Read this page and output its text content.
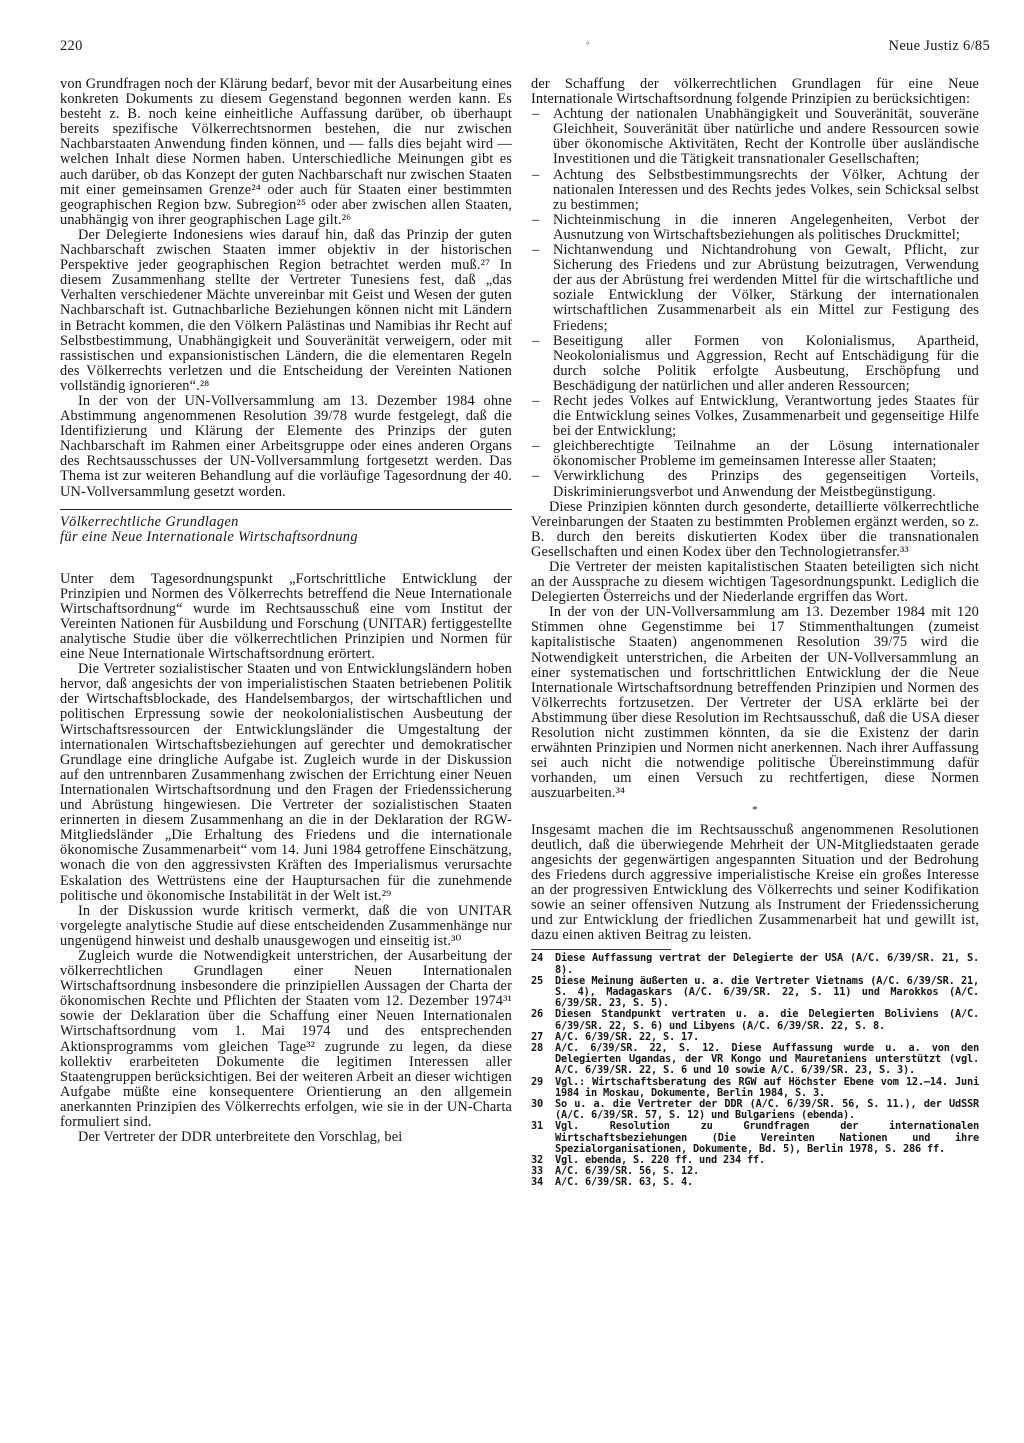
220	°	Neue Justiz 6/85

von Grundfragen noch der Klärung bedarf, bevor mit der Ausarbeitung eines konkreten Dokuments zu diesem Gegenstand begonnen werden kann. Es besteht z. B. noch keine einheitliche Auffassung darüber, ob überhaupt bereits spezifische Völkerrechtsnormen bestehen, die nur zwischen Nachbarstaaten Anwendung finden können, und — falls dies bejaht wird — welchen Inhalt diese Normen haben. Unterschiedliche Meinungen gibt es auch darüber, ob das Konzept der guten Nachbarschaft nur zwischen Staaten mit einer gemeinsamen Grenze²⁴ oder auch für Staaten einer bestimmten geographischen Region bzw. Subregion²⁵ oder aber zwischen allen Staaten, unabhängig von ihrer geographischen Lage gilt.²⁶

Der Delegierte Indonesiens wies darauf hin, daß das Prinzip der guten Nachbarschaft zwischen Staaten immer objektiv in der historischen Perspektive jeder geographischen Region betrachtet werden muß.²⁷ In diesem Zusammenhang stellte der Vertreter Tunesiens fest, daß „das Verhalten verschiedener Mächte unvereinbar mit Geist und Wesen der guten Nachbarschaft ist. Gutnachbarliche Beziehungen können nicht mit Ländern in Betracht kommen, die den Völkern Palästinas und Namibias ihr Recht auf Selbstbestimmung, Unabhängigkeit und Souveränität verweigern, oder mit rassistischen und expansionistischen Ländern, die die elementaren Regeln des Völkerrechts verletzen und die Entscheidung der Vereinten Nationen vollständig ignorieren“.²⁸

In der von der UN-Vollversammlung am 13. Dezember 1984 ohne Abstimmung angenommenen Resolution 39/78 wurde festgelegt, daß die Identifizierung und Klärung der Elemente des Prinzips der guten Nachbarschaft im Rahmen einer Arbeitsgruppe oder eines anderen Organs des Rechtsausschusses der UN-Vollversammlung fortgesetzt werden. Das Thema ist zur weiteren Behandlung auf die vorläufige Tagesordnung der 40. UN-Vollversammlung gesetzt worden.

Völkerrechtliche Grundlagen
für eine Neue Internationale Wirtschaftsordnung

Unter dem Tagesordnungspunkt „Fortschrittliche Entwicklung der Prinzipien und Normen des Völkerrechts betreffend die Neue Internationale Wirtschaftsordnung“ wurde im Rechtsausschuß eine vom Institut der Vereinten Nationen für Ausbildung und Forschung (UNITAR) fertiggestellte analytische Studie über die völkerrechtlichen Prinzipien und Normen für eine Neue Internationale Wirtschaftsordnung erörtert.

Die Vertreter sozialistischer Staaten und von Entwicklungsländern hoben hervor, daß angesichts der von imperialistischen Staaten betriebenen Politik der Wirtschaftsblockade, des Handelsembargos, der wirtschaftlichen und politischen Erpressung sowie der neokolonialistischen Ausbeutung der Wirtschaftsressourcen der Entwicklungsländer die Umgestaltung der internationalen Wirtschaftsbeziehungen auf gerechter und demokratischer Grundlage eine dringliche Aufgabe ist. Zugleich wurde in der Diskussion auf den untrennbaren Zusammenhang zwischen der Errichtung einer Neuen Internationalen Wirtschaftsordnung und den Fragen der Friedenssicherung und Abrüstung hingewiesen. Die Vertreter der sozialistischen Staaten erinnerten in diesem Zusammenhang an die in der Deklaration der RGW-Mitgliedsländer „Die Erhaltung des Friedens und die internationale ökonomische Zusammenarbeit“ vom 14. Juni 1984 getroffene Einschätzung, wonach die von den aggressivsten Kräften des Imperialismus verursachte Eskalation des Wettrüstens eine der Hauptursachen für die zunehmende politische und ökonomische Instabilität in der Welt ist.²⁹

In der Diskussion wurde kritisch vermerkt, daß die von UNITAR vorgelegte analytische Studie auf diese entscheidenden Zusammenhänge nur ungenügend hinweist und deshalb unausgewogen und einseitig ist.³⁰

Zugleich wurde die Notwendigkeit unterstrichen, der Ausarbeitung der völkerrechtlichen Grundlagen einer Neuen Internationalen Wirtschaftsordnung insbesondere die prinzipiellen Aussagen der Charta der ökonomischen Rechte und Pflichten der Staaten vom 12. Dezember 1974³¹ sowie der Deklaration über die Schaffung einer Neuen Internationalen Wirtschaftsordnung vom 1. Mai 1974 und des entsprechenden Aktionsprogramms vom gleichen Tage³² zugrunde zu legen, da diese kollektiv erarbeiteten Dokumente die legitimen Interessen aller Staatengruppen berücksichtigen. Bei der weiteren Arbeit an dieser wichtigen Aufgabe müßte eine konsequentere Orientierung an den allgemein anerkannten Prinzipien des Völkerrechts erfolgen, wie sie in der UN-Charta formuliert sind.

Der Vertreter der DDR unterbreitete den Vorschlag, bei

der Schaffung der völkerrechtlichen Grundlagen für eine Neue Internationale Wirtschaftsordnung folgende Prinzipien zu berücksichtigen:

– Achtung der nationalen Unabhängigkeit und Souveränität, souveräne Gleichheit, Souveränität über natürliche und andere Ressourcen sowie über ökonomische Aktivitäten, Recht der Kontrolle über ausländische Investitionen und die Tätigkeit transnationaler Gesellschaften;
– Achtung des Selbstbestimmungsrechts der Völker, Achtung der nationalen Interessen und des Rechts jedes Volkes, sein Schicksal selbst zu bestimmen;
– Nichteinmischung in die inneren Angelegenheiten, Verbot der Ausnutzung von Wirtschaftsbeziehungen als politisches Druckmittel;
– Nichtanwendung und Nichtandrohung von Gewalt, Pflicht, zur Sicherung des Friedens und zur Abrüstung beizutragen, Verwendung der aus der Abrüstung frei werdenden Mittel für die wirtschaftliche und soziale Entwicklung der Völker, Stärkung der internationalen wirtschaftlichen Zusammenarbeit als ein Mittel zur Festigung des Friedens;
– Beseitigung aller Formen von Kolonialismus, Apartheid, Neokolonialismus und Aggression, Recht auf Entschädigung für die durch solche Politik erfolgte Ausbeutung, Erschöpfung und Beschädigung der natürlichen und aller anderen Ressourcen;
– Recht jedes Volkes auf Entwicklung, Verantwortung jedes Staates für die Entwicklung seines Volkes, Zusammenarbeit und gegenseitige Hilfe bei der Entwicklung;
– gleichberechtigte Teilnahme an der Lösung internationaler ökonomischer Probleme im gemeinsamen Interesse aller Staaten;
– Verwirklichung des Prinzips des gegenseitigen Vorteils, Diskriminierungsverbot und Anwendung der Meistbegünstigung.

Diese Prinzipien könnten durch gesonderte, detaillierte völkerrechtliche Vereinbarungen der Staaten zu bestimmten Problemen ergänzt werden, so z. B. durch den bereits diskutierten Kodex über die transnationalen Gesellschaften und einen Kodex über den Technologietransfer.³³

Die Vertreter der meisten kapitalistischen Staaten beteiligten sich nicht an der Aussprache zu diesem wichtigen Tagesordnungspunkt. Lediglich die Delegierten Österreichs und der Niederlande ergriffen das Wort.

In der von der UN-Vollversammlung am 13. Dezember 1984 mit 120 Stimmen ohne Gegenstimme bei 17 Stimmenthaltungen (zumeist kapitalistische Staaten) angenommenen Resolution 39/75 wird die Notwendigkeit unterstrichen, die Arbeiten der UN-Vollversammlung an einer systematischen und fortschrittlichen Entwicklung der die Neue Internationale Wirtschaftsordnung betreffenden Prinzipien und Normen des Völkerrechts fortzusetzen. Der Vertreter der USA erklärte bei der Abstimmung über diese Resolution im Rechtsausschuß, daß die USA dieser Resolution nicht zustimmen könnten, da sie die Existenz der darin erwähnten Prinzipien und Normen nicht anerkennen. Nach ihrer Auffassung sei auch nicht die notwendige politische Übereinstimmung dafür vorhanden, um einen Versuch zu rechtfertigen, diese Normen auszuarbeiten.³⁴

*

Insgesamt machen die im Rechtsausschuß angenommenen Resolutionen deutlich, daß die überwiegende Mehrheit der UN-Mitgliedstaaten gerade angesichts der gegenwärtigen angespannten Situation und der Bedrohung des Friedens durch aggressive imperialistische Kreise ein großes Interesse an der progressiven Entwicklung des Völkerrechts und seiner Kodifikation sowie an seiner offensiven Nutzung als Instrument der Friedenssicherung und zur Entwicklung der friedlichen Zusammenarbeit hat und gewillt ist, dazu einen aktiven Beitrag zu leisten.

24	Diese Auffassung vertrat der Delegierte der USA (A/C. 6/39/SR. 21, S. 8).
25	Diese Meinung äußerten u. a. die Vertreter Vietnams (A/C. 6/39/SR. 21, S. 4), Madagaskars (A/C. 6/39/SR. 22, S. 11) und Marokkos (A/C. 6/39/SR. 23, S. 5).
26	Diesen Standpunkt vertraten u. a. die Delegierten Boliviens (A/C. 6/39/SR. 22, S. 6) und Libyens (A/C. 6/39/SR. 22, S. 8.
27	A/C. 6/39/SR. 22, S. 17.
28	A/C. 6/39/SR. 22, S. 12. Diese Auffassung wurde u. a. von den Delegierten Ugandas, der VR Kongo und Mauretaniens unterstützt (vgl. A/C. 6/39/SR. 22, S. 6 und 10 sowie A/C. 6/39/SR. 23, S. 3).
29	Vgl.: Wirtschaftsberatung des RGW auf Höchster Ebene vom 12.—14. Juni 1984 in Moskau, Dokumente, Berlin 1984, S. 3.
30	So u. a. die Vertreter der DDR (A/C. 6/39/SR. 56, S. 11.), der UdSSR (A/C. 6/39/SR. 57, S. 12) und Bulgariens (ebenda).
31	Vgl. Resolution zu Grundfragen der internationalen Wirtschaftsbeziehungen (Die Vereinten Nationen und ihre Spezialorganisationen, Dokumente, Bd. 5), Berlin 1978, S. 286 ff.
32	Vgl. ebenda, S. 220 ff. und 234 ff.
33	A/C. 6/39/SR. 56, S. 12.
34	A/C. 6/39/SR. 63, S. 4.
